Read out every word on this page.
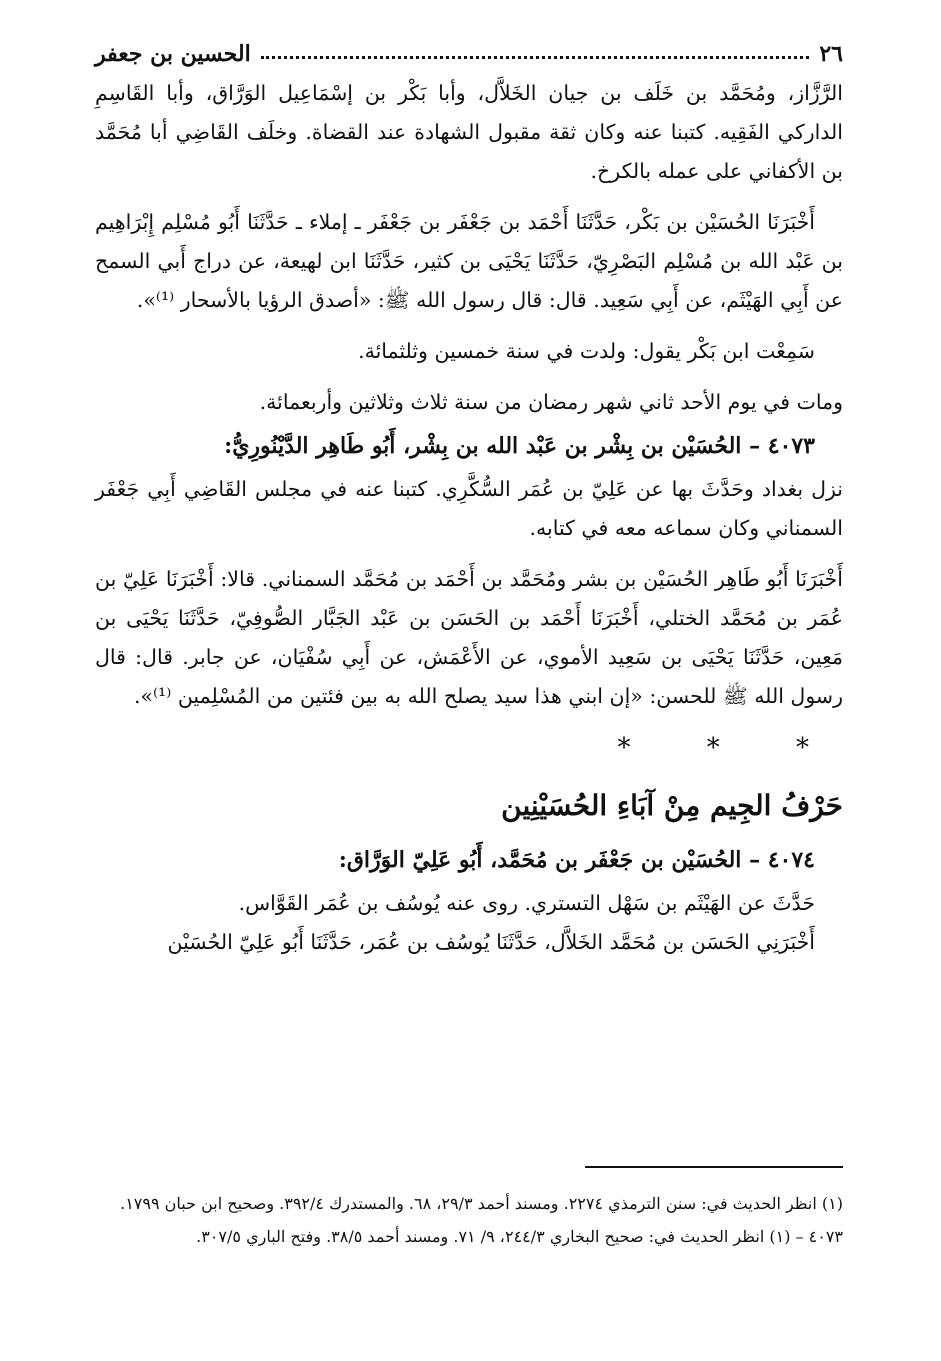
٢٦
الحسين بن جعفر

الرَّزَّاز، ومُحَمَّد بن خَلَف بن جيان الخَلاَّل، وأبا بَكْر بن إسْمَاعِيل الوَرَّاق، وأبا القَاسِمِ الداركي الفَقِيه. كتبنا عنه وكان ثقة مقبول الشهادة عند القضاة. وخلَف القَاضِي أبا مُحَمَّد بن الأكفاني على عمله بالكرخ.

أَخْبَرَنَا الحُسَيْن بن بَكْر، حَدَّثَنَا أَحْمَد بن جَعْفَر بن جَعْفَر ـ إملاء ـ حَدَّثَنَا أَبُو مُسْلِم إِبْرَاهِيم بن عَبْد الله بن مُسْلِم البَصْرِيّ، حَدَّثَنَا يَحْيَى بن كثير، حَدَّثَنَا ابن لهيعة، عن دراج أَبي السمح عن أَبِي الهَيْثَم، عن أَبِي سَعِيد. قال: قال رسول الله ﷺ: «أصدق الرؤيا بالأسحار ⁽¹⁾».

سَمِعْت ابن بَكْر يقول: ولدت في سنة خمسين وثلثمائة.

ومات في يوم الأحد ثاني شهر رمضان من سنة ثلاث وثلاثين وأربعمائة.

٤٠٧٣ – الحُسَيْن بن بِشْر بن عَبْد الله بن بِشْر، أَبُو طَاهِر الدَّيْنُورِيُّ:

نزل بغداد وحَدَّثَ بها عن عَلِيّ بن عُمَر السُّكَّرِي. كتبنا عنه في مجلس القَاضِي أَبِي جَعْفَر السمناني وكان سماعه معه في كتابه.

أَخْبَرَنَا أَبُو طَاهِر الحُسَيْن بن بشر ومُحَمَّد بن أَحْمَد بن مُحَمَّد السمناني. قالا: أَخْبَرَنَا عَلِيّ بن عُمَر بن مُحَمَّد الختلي، أَخْبَرَنَا أَحْمَد بن الحَسَن بن عَبْد الجَبَّار الصُّوفِيّ، حَدَّثَنَا يَحْيَى بن مَعِين، حَدَّثَنَا يَحْيَى بن سَعِيد الأموي، عن الأَعْمَش، عن أَبِي سُفْيَان، عن جابر. قال: قال رسول الله ﷺ للحسن: «إن ابني هذا سيد يصلح الله به بين فئتين من المُسْلِمين ⁽¹⁾».

* * *
حَرْفُ الجِيم مِنْ آبَاءِ الحُسَيْنِين
٤٠٧٤ – الحُسَيْن بن جَعْفَر بن مُحَمَّد، أَبُو عَلِيّ الوَرَّاق:

حَدَّثَ عن الهَيْثَم بن سَهْل التستري. روى عنه يُوسُف بن عُمَر القَوَّاس.

أَخْبَرَنِي الحَسَن بن مُحَمَّد الخَلاَّل، حَدَّثَنَا يُوسُف بن عُمَر، حَدَّثَنَا أَبُو عَلِيّ الحُسَيْن

(١) انظر الحديث في: سنن الترمذي ٢٢٧٤. ومسند أحمد ٢٩/٣، ٦٨. والمستدرك ٣٩٢/٤. وصحيح ابن حبان ١٧٩٩.

٤٠٧٣ – (١) انظر الحديث في: صحيح البخاري ٢٤٤/٣، ٩/ ٧١. ومسند أحمد ٣٨/٥. وفتح الباري ٣٠٧/٥.
